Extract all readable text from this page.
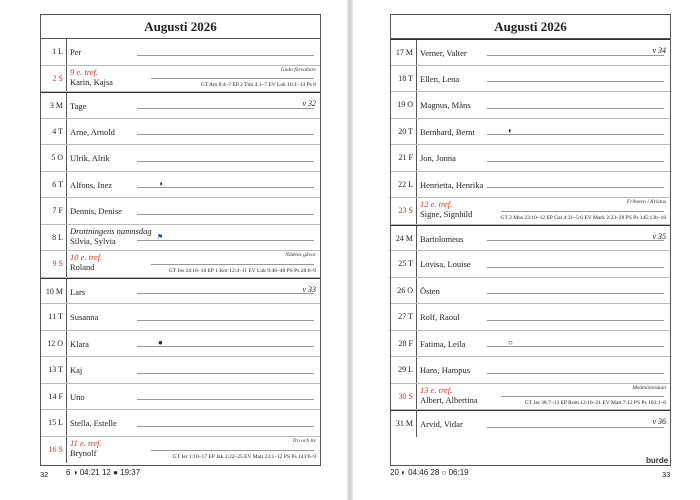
Augusti 2026
1 L Per
2 S
9 e. tref.
Karin, Kajsa
Goda förvaltare
GT Am 8:4–7 EP 2 Tim 4:1–7 EV Luk 16:1–13 Ps 8
3 M Tage	v 32
4 T Arne, Arnold
5 O Ulrik, Alrik
6 T Alfons, Inez	◑
7 F Dennis, Denise
8 L
Drottningens namnsdag
Silvia, Sylvia	⚑
9 S
10 e. tref.
Roland
Nådens gåvor
GT Jes 24:16–18 EP 1 Kor 12:4–11 EV Luk 9:46–48 PS Ps 28:6–9
10 M Lars	v 33
11 T Susanna
12 O Klara	●
13 T Kaj
14 F Uno
15 L Stella, Estelle
16 S
11 e. tref.
Brynolf
Tro och liv
GT Jer 1:10–17 EP Jak 1:22–25 EV Matt 23:1–12 PS Ps 143:6–9
Augusti 2026
17 M Verner, Valter	v 34
18 T Ellen, Lena
19 O Magnus, Måns
20 T Bernhard, Bernt	◐
21 F Jon, Jonna
22 L Henrietta, Henrika
23 S
12 e. tref.
Signe, Signhild
Friheten i Kristus
GT 2 Mos 23:10–12 EP Gal 4:31–5:6 EV Mark 2:23–28 PS Ps 145:13b–18
24 M Bartolomeus	v 35
25 T Lovisa, Louise
26 O Östen
27 T Rolf, Raoul
28 F Fatima, Leila	○
29 L Hans, Hampus
30 S
13 e. tref.
Albert, Albertina
Medmänniskan
GT Jer 38:7–13 EP Rom 12:16–21 EV Matt 7:12 PS Ps 103:1–6
31 M Arvid, Vidar	v 36
32 6 ◑ 04:21 12 ● 19:37	20 ◐ 04:46 28 ○ 06:19	33
burde
